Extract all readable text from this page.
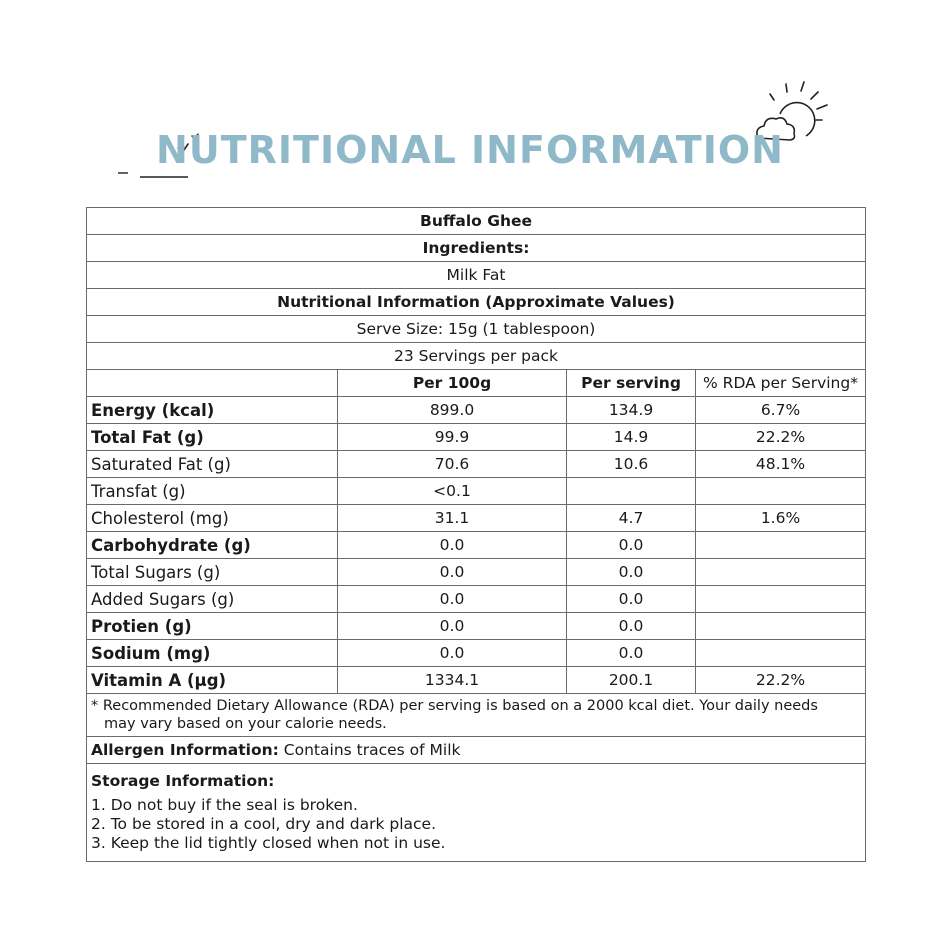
NUTRITIONAL INFORMATION
Buffalo Ghee			
Ingredients:			
Milk Fat			
Nutritional Information (Approximate Values)			
Serve Size: 15g (1 tablespoon)			
23 Servings per pack			
	Per 100g	Per serving	% RDA per Serving*
Energy (kcal)	899.0	134.9	6.7%
Total Fat (g)	99.9	14.9	22.2%
Saturated Fat (g)	70.6	10.6	48.1%
Transfat (g)	<0.1		
Cholesterol (mg)	31.1	4.7	1.6%
Carbohydrate (g)	0.0	0.0	
Total Sugars (g)	0.0	0.0	
Added Sugars (g)	0.0	0.0	
Protien (g)	0.0	0.0	
Sodium (mg)	0.0	0.0	
Vitamin A (µg)	1334.1	200.1	22.2%
* Recommended Dietary Allowance (RDA) per serving is based on a 2000 kcal diet. Your daily needs
may vary based on your calorie needs.			

Allergen Information: Contains traces of Milk			

Storage Information:
1. Do not buy if the seal is broken.
2. To be stored in a cool, dry and dark place.
3. Keep the lid tightly closed when not in use.			
